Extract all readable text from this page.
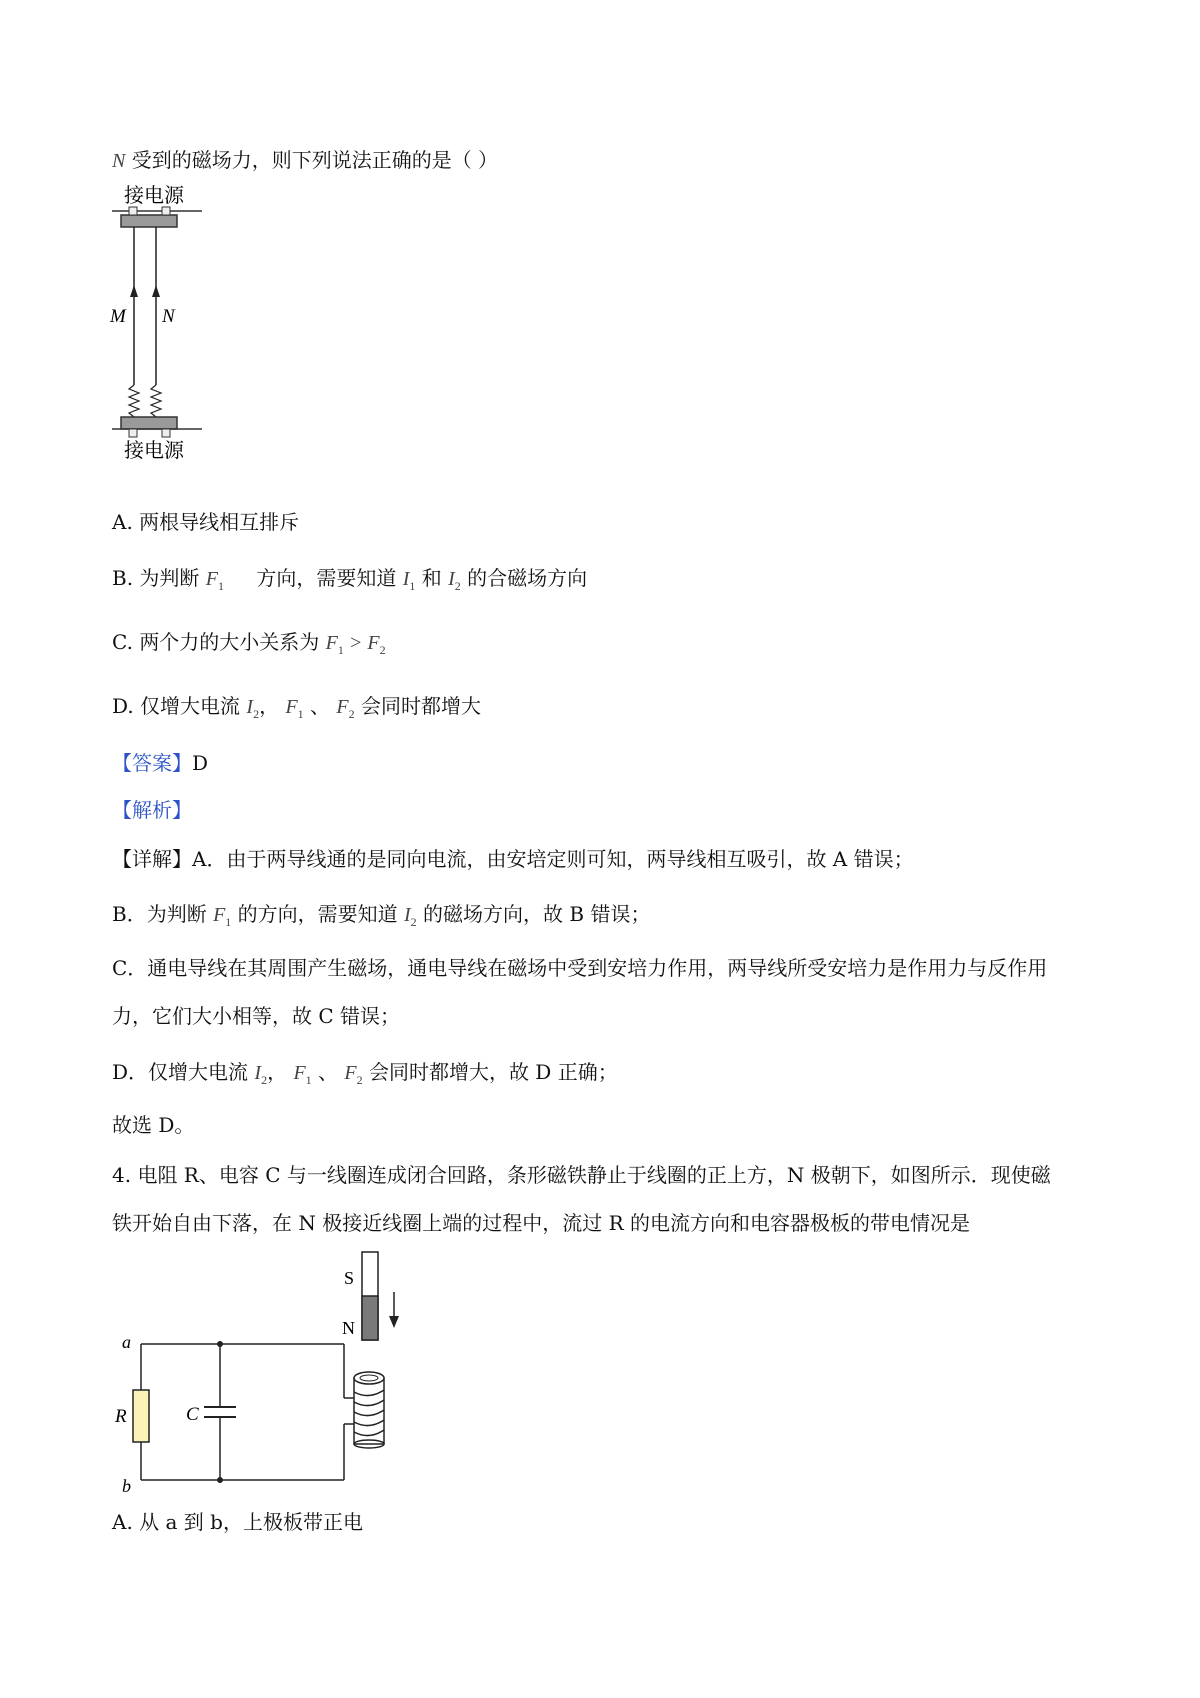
N 受到的磁场力，则下列说法正确的是（ ）
接电源
M N
接电源
A. 两根导线相互排斥
B. 为判断 $F_1$ 方向，需要知道 $I_1$ 和 $I_2$ 的合磁场方向
C. 两个力的大小关系为 $F_1 > F_2$
D. 仅增大电流 $I_2$， $F_1$ 、 $F_2$ 会同时都增大
【答案】D
【解析】
【详解】A．由于两导线通的是同向电流，由安培定则可知，两导线相互吸引，故 A 错误；
B．为判断 $F_1$ 的方向，需要知道 $I_2$ 的磁场方向，故 B 错误；
C．通电导线在其周围产生磁场，通电导线在磁场中受到安培力作用，两导线所受安培力是作用力与反作用
力，它们大小相等，故 C 错误；
D．仅增大电流 $I_2$， $F_1$ 、 $F_2$ 会同时都增大，故 D 正确；
故选 D。
4. 电阻 R、电容 C 与一线圈连成闭合回路，条形磁铁静止于线圈的正上方，N 极朝下，如图所示．现使磁
铁开始自由下落，在 N 极接近线圈上端的过程中，流过 R 的电流方向和电容器极板的带电情况是
S
N
a
b
R	C
A. 从 a 到 b，上极板带正电
